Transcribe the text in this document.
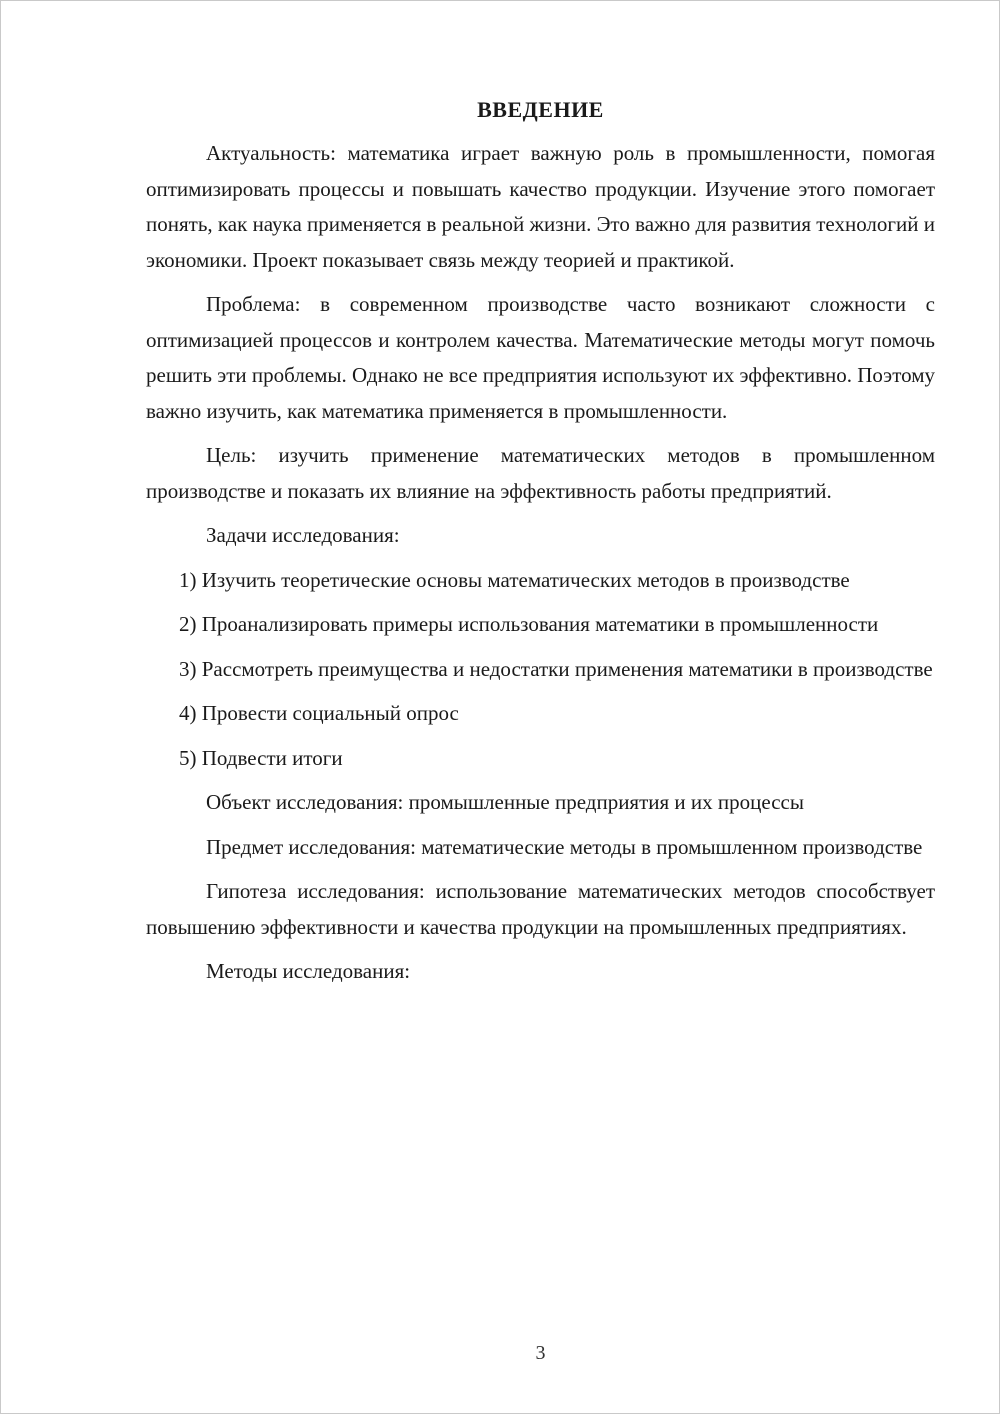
ВВЕДЕНИЕ

Актуальность: математика играет важную роль в промышленности, помогая оптимизировать процессы и повышать качество продукции. Изучение этого помогает понять, как наука применяется в реальной жизни. Это важно для развития технологий и экономики. Проект показывает связь между теорией и практикой.

Проблема: в современном производстве часто возникают сложности с оптимизацией процессов и контролем качества. Математические методы могут помочь решить эти проблемы. Однако не все предприятия используют их эффективно. Поэтому важно изучить, как математика применяется в промышленности.

Цель: изучить применение математических методов в промышленном производстве и показать их влияние на эффективность работы предприятий.

Задачи исследования:

1) Изучить теоретические основы математических методов в производстве

2) Проанализировать примеры использования математики в промышленности

3) Рассмотреть преимущества и недостатки применения математики в производстве

4) Провести социальный опрос

5) Подвести итоги

Объект исследования: промышленные предприятия и их процессы

Предмет исследования: математические методы в промышленном производстве

Гипотеза исследования: использование математических методов способствует повышению эффективности и качества продукции на промышленных предприятиях.

Методы исследования:

3
